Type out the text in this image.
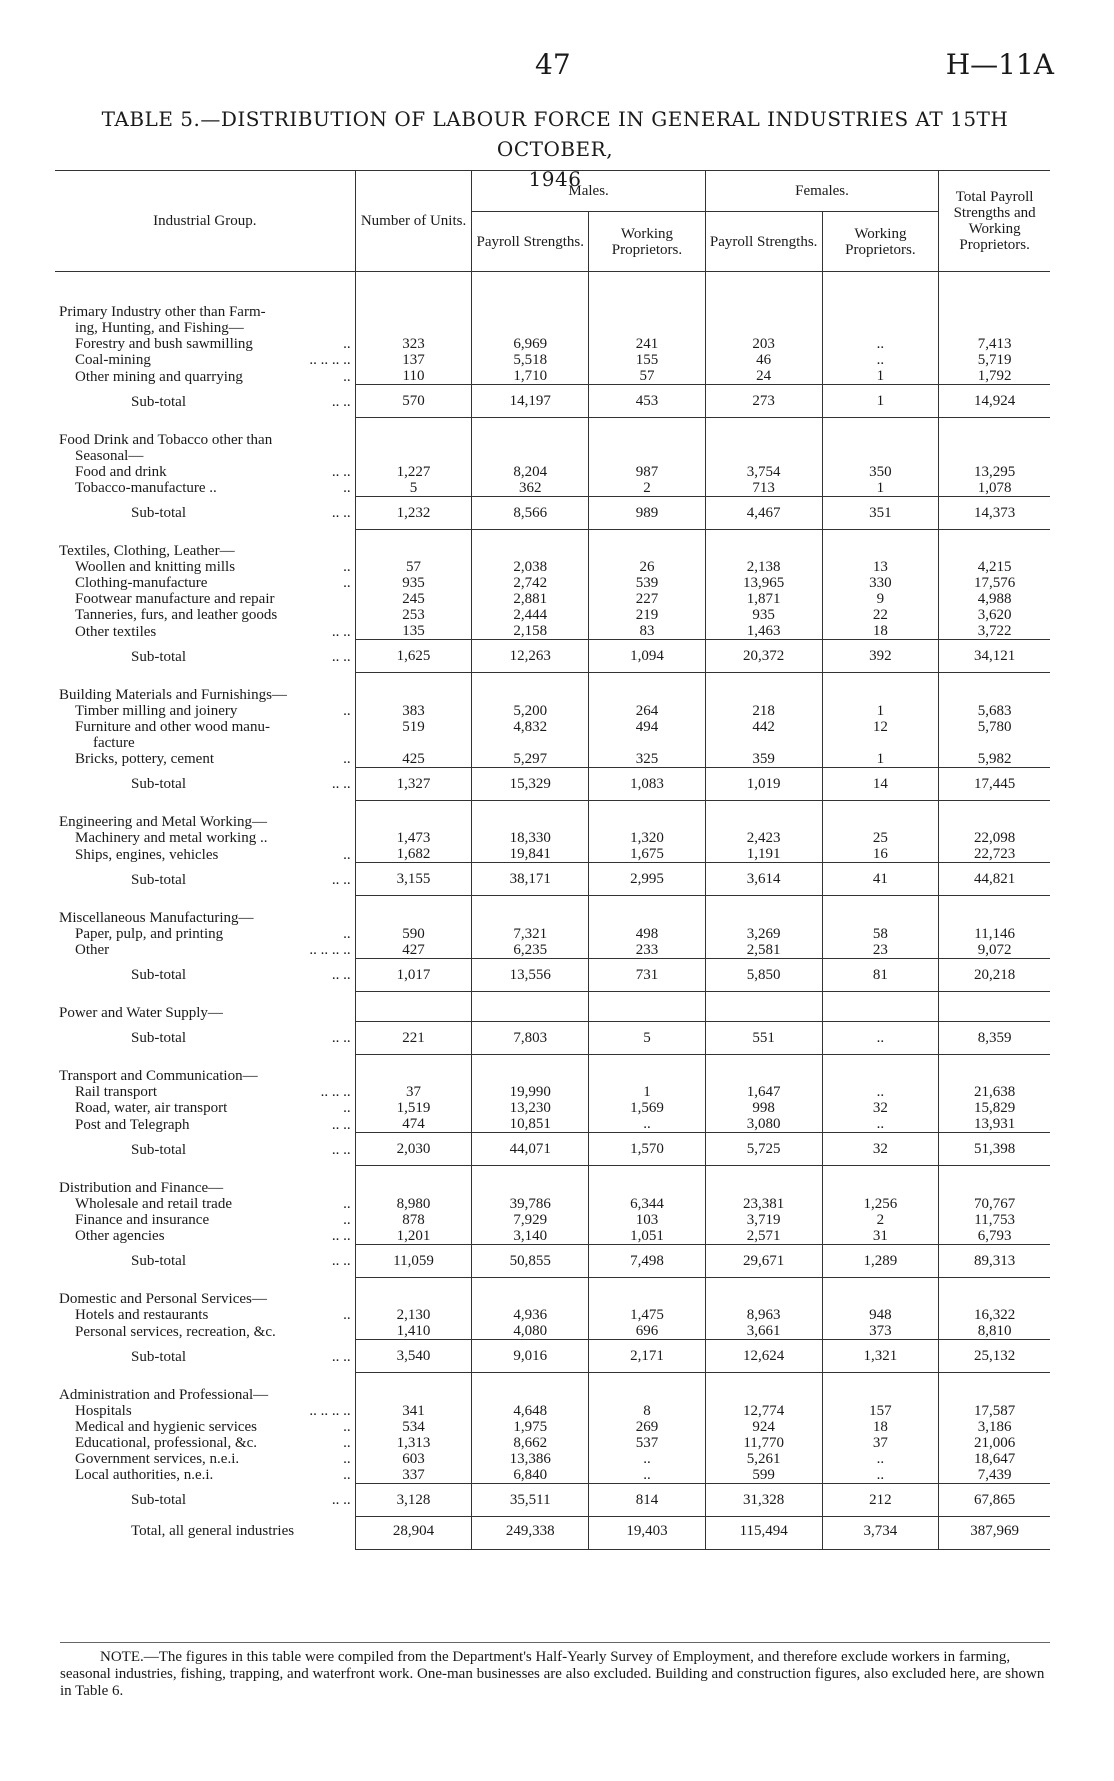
47	H—11A
TABLE 5.—DISTRIBUTION OF LABOUR FORCE IN GENERAL INDUSTRIES AT 15TH OCTOBER,
1946
Industrial Group.	Number of Units.	Males.		Females.		Total Payroll Strengths and Working Proprietors.
		Payroll Strengths.	Working Proprietors.	Payroll Strengths.	Working Proprietors.	

Primary Industry other than Farm-						
ing, Hunting, and Fishing—						
Forestry and bush sawmilling ..	323	6,969	241	203	..	7,413
Coal-mining .. .. .. ..	137	5,518	155	46	..	5,719
Other mining and quarrying ..	110	1,710	57	24	1	1,792
Sub-total .. ..	570	14,197	453	273	1	14,924
Food Drink and Tobacco other than						
Seasonal—						
Food and drink .. ..	1,227	8,204	987	3,754	350	13,295
Tobacco-manufacture .. ..	5	362	2	713	1	1,078
Sub-total .. ..	1,232	8,566	989	4,467	351	14,373
Textiles, Clothing, Leather—						
Woollen and knitting mills ..	57	2,038	26	2,138	13	4,215
Clothing-manufacture ..	935	2,742	539	13,965	330	17,576
Footwear manufacture and repair	245	2,881	227	1,871	9	4,988
Tanneries, furs, and leather goods	253	2,444	219	935	22	3,620
Other textiles .. ..	135	2,158	83	1,463	18	3,722
Sub-total .. ..	1,625	12,263	1,094	20,372	392	34,121
Building Materials and Furnishings—						
Timber milling and joinery ..	383	5,200	264	218	1	5,683
Furniture and other wood manu-	519	4,832	494	442	12	5,780
facture						
Bricks, pottery, cement ..	425	5,297	325	359	1	5,982
Sub-total .. ..	1,327	15,329	1,083	1,019	14	17,445
Engineering and Metal Working—						
Machinery and metal working ..	1,473	18,330	1,320	2,423	25	22,098
Ships, engines, vehicles ..	1,682	19,841	1,675	1,191	16	22,723
Sub-total .. ..	3,155	38,171	2,995	3,614	41	44,821
Miscellaneous Manufacturing—						
Paper, pulp, and printing ..	590	7,321	498	3,269	58	11,146
Other .. .. .. ..	427	6,235	233	2,581	23	9,072
Sub-total .. ..	1,017	13,556	731	5,850	81	20,218
Power and Water Supply—						
Sub-total .. ..	221	7,803	5	551	..	8,359
Transport and Communication—						
Rail transport .. .. ..	37	19,990	1	1,647	..	21,638
Road, water, air transport ..	1,519	13,230	1,569	998	32	15,829
Post and Telegraph .. ..	474	10,851	..	3,080	..	13,931
Sub-total .. ..	2,030	44,071	1,570	5,725	32	51,398
Distribution and Finance—						
Wholesale and retail trade ..	8,980	39,786	6,344	23,381	1,256	70,767
Finance and insurance ..	878	7,929	103	3,719	2	11,753
Other agencies .. ..	1,201	3,140	1,051	2,571	31	6,793
Sub-total .. ..	11,059	50,855	7,498	29,671	1,289	89,313
Domestic and Personal Services—						
Hotels and restaurants ..	2,130	4,936	1,475	8,963	948	16,322
Personal services, recreation, &c.	1,410	4,080	696	3,661	373	8,810
Sub-total .. ..	3,540	9,016	2,171	12,624	1,321	25,132
Administration and Professional—						
Hospitals .. .. .. ..	341	4,648	8	12,774	157	17,587
Medical and hygienic services ..	534	1,975	269	924	18	3,186
Educational, professional, &c. ..	1,313	8,662	537	11,770	37	21,006
Government services, n.e.i. ..	603	13,386	..	5,261	..	18,647
Local authorities, n.e.i. ..	337	6,840	..	599	..	7,439
Sub-total .. ..	3,128	35,511	814	31,328	212	67,865
Total, all general industries	28,904	249,338	19,403	115,494	3,734	387,969
NOTE.—The figures in this table were compiled from the Department's Half-Yearly Survey of Employment, and therefore exclude workers in farming, seasonal industries, fishing, trapping, and waterfront work. One-man businesses are also excluded. Building and construction figures, also excluded here, are shown in Table 6.
